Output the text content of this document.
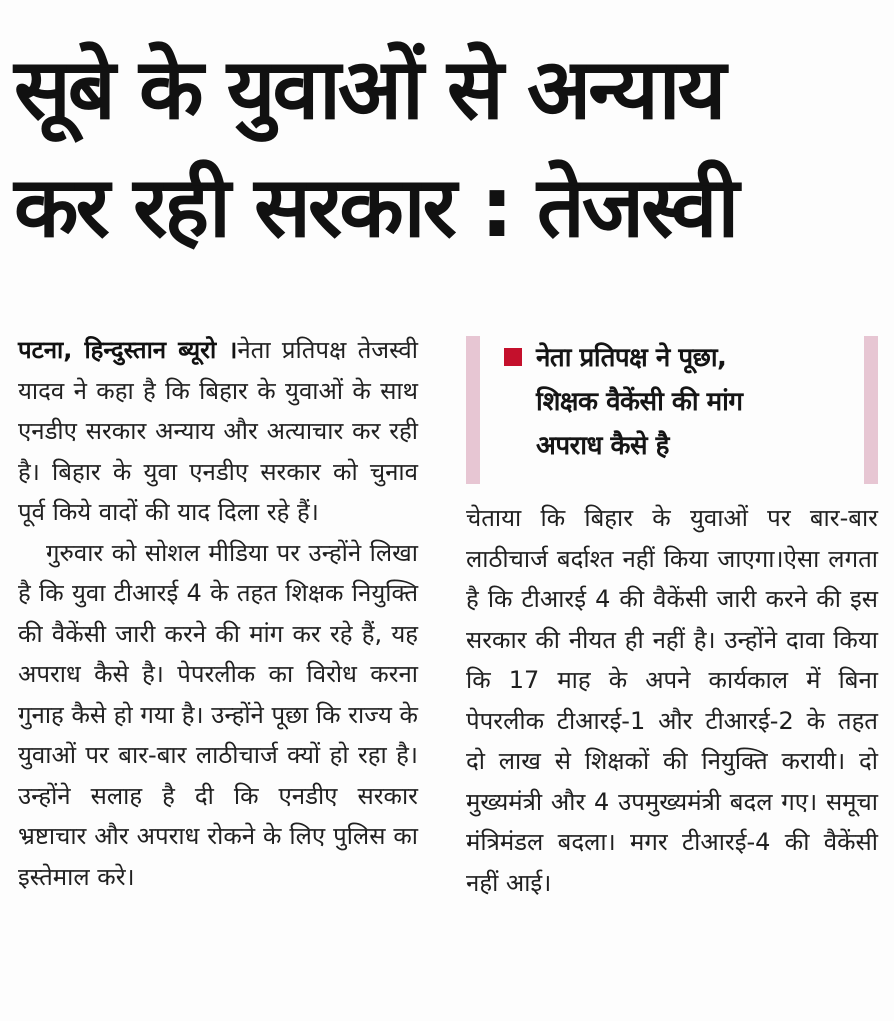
सूबे के युवाओं से अन्याय
कर रही सरकार : तेजस्वी

पटना, हिन्दुस्तान ब्यूरो ।नेता प्रतिपक्ष तेजस्वी यादव ने कहा है कि बिहार के युवाओं के साथ एनडीए सरकार अन्याय और अत्याचार कर रही है। बिहार के युवा एनडीए सरकार को चुनाव पूर्व किये वादों की याद दिला रहे हैं।

गुरुवार को सोशल मीडिया पर उन्होंने लिखा है कि युवा टीआरई 4 के तहत शिक्षक नियुक्ति की वैकेंसी जारी करने की मांग कर रहे हैं, यह अपराध कैसे है। पेपरलीक का विरोध करना गुनाह कैसे हो गया है। उन्होंने पूछा कि राज्य के युवाओं पर बार-बार लाठीचार्ज क्यों हो रहा है। उन्होंने सलाह है दी कि एनडीए सरकार भ्रष्टाचार और अपराध रोकने के लिए पुलिस का इस्तेमाल करे।

नेता प्रतिपक्ष ने पूछा,
शिक्षक वैकेंसी की मांग
अपराध कैसे है

चेताया कि बिहार के युवाओं पर बार-बार लाठीचार्ज बर्दाश्त नहीं किया जाएगा।ऐसा लगता है कि टीआरई 4 की वैकेंसी जारी करने की इस सरकार की नीयत ही नहीं है। उन्होंने दावा किया कि 17 माह के अपने कार्यकाल में बिना पेपरलीक टीआरई-1 और टीआरई-2 के तहत दो लाख से शिक्षकों की नियुक्ति करायी। दो मुख्यमंत्री और 4 उपमुख्यमंत्री बदल गए। समूचा मंत्रिमंडल बदला। मगर टीआरई-4 की वैकेंसी नहीं आई।
